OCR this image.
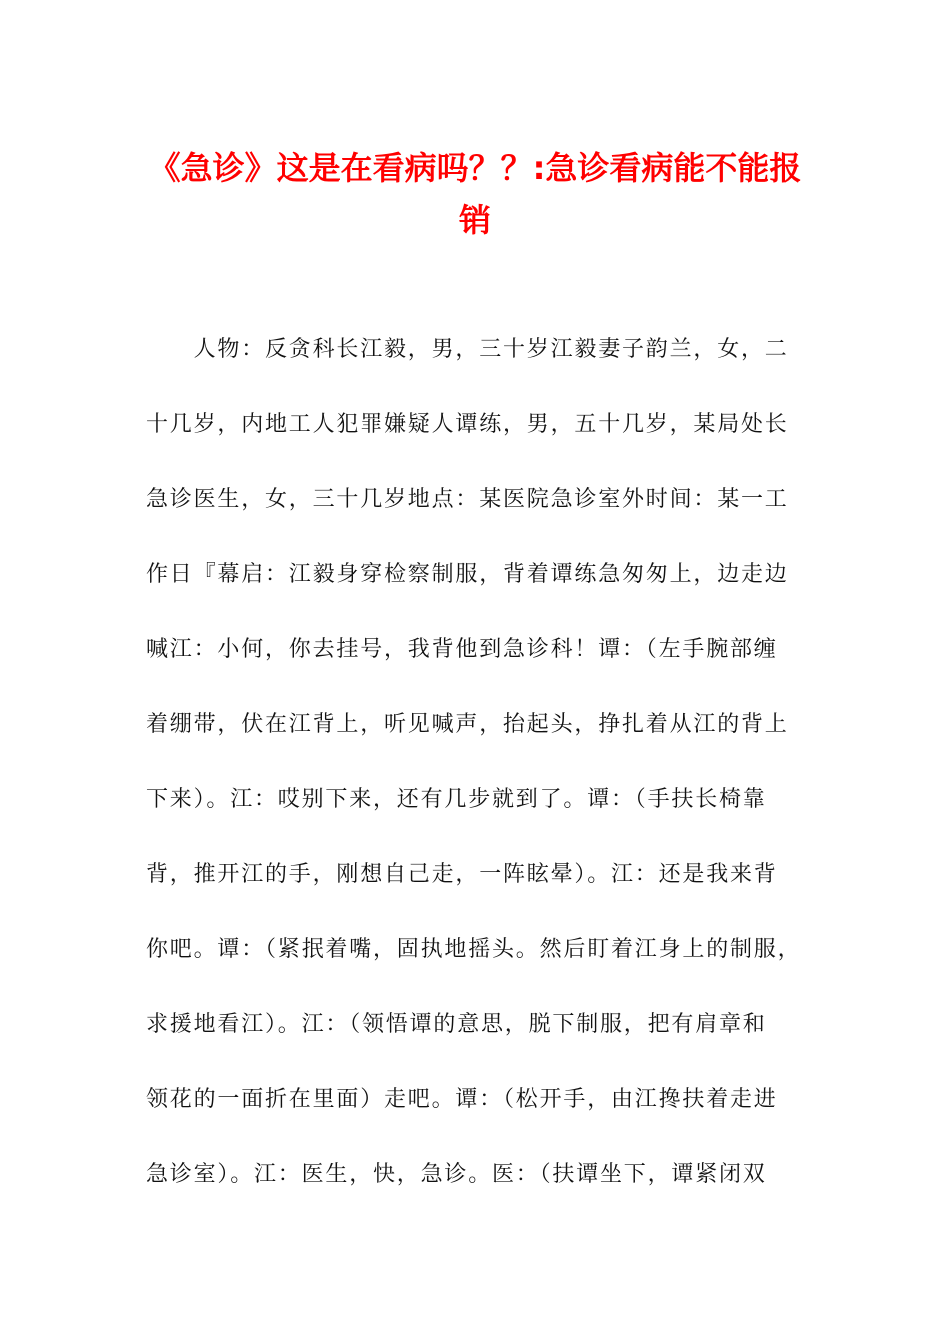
《急诊》这是在看病吗？？:急诊看病能不能报销
　　人物：反贪科长江毅，男，三十岁江毅妻子韵兰，女，二
十几岁，内地工人犯罪嫌疑人谭练，男，五十几岁，某局处长
急诊医生，女，三十几岁地点：某医院急诊室外时间：某一工
作日『幕启：江毅身穿检察制服，背着谭练急匆匆上，边走边
喊江：小何，你去挂号，我背他到急诊科！谭：（左手腕部缠
着绷带，伏在江背上，听见喊声，抬起头，挣扎着从江的背上
下来）。江：哎别下来，还有几步就到了。谭：（手扶长椅靠
背，推开江的手，刚想自己走，一阵眩晕）。江：还是我来背
你吧。谭：（紧抿着嘴，固执地摇头。然后盯着江身上的制服，
求援地看江）。江：（领悟谭的意思，脱下制服，把有肩章和
领花的一面折在里面）走吧。谭：（松开手，由江搀扶着走进
急诊室）。江：医生，快，急诊。医：（扶谭坐下，谭紧闭双
